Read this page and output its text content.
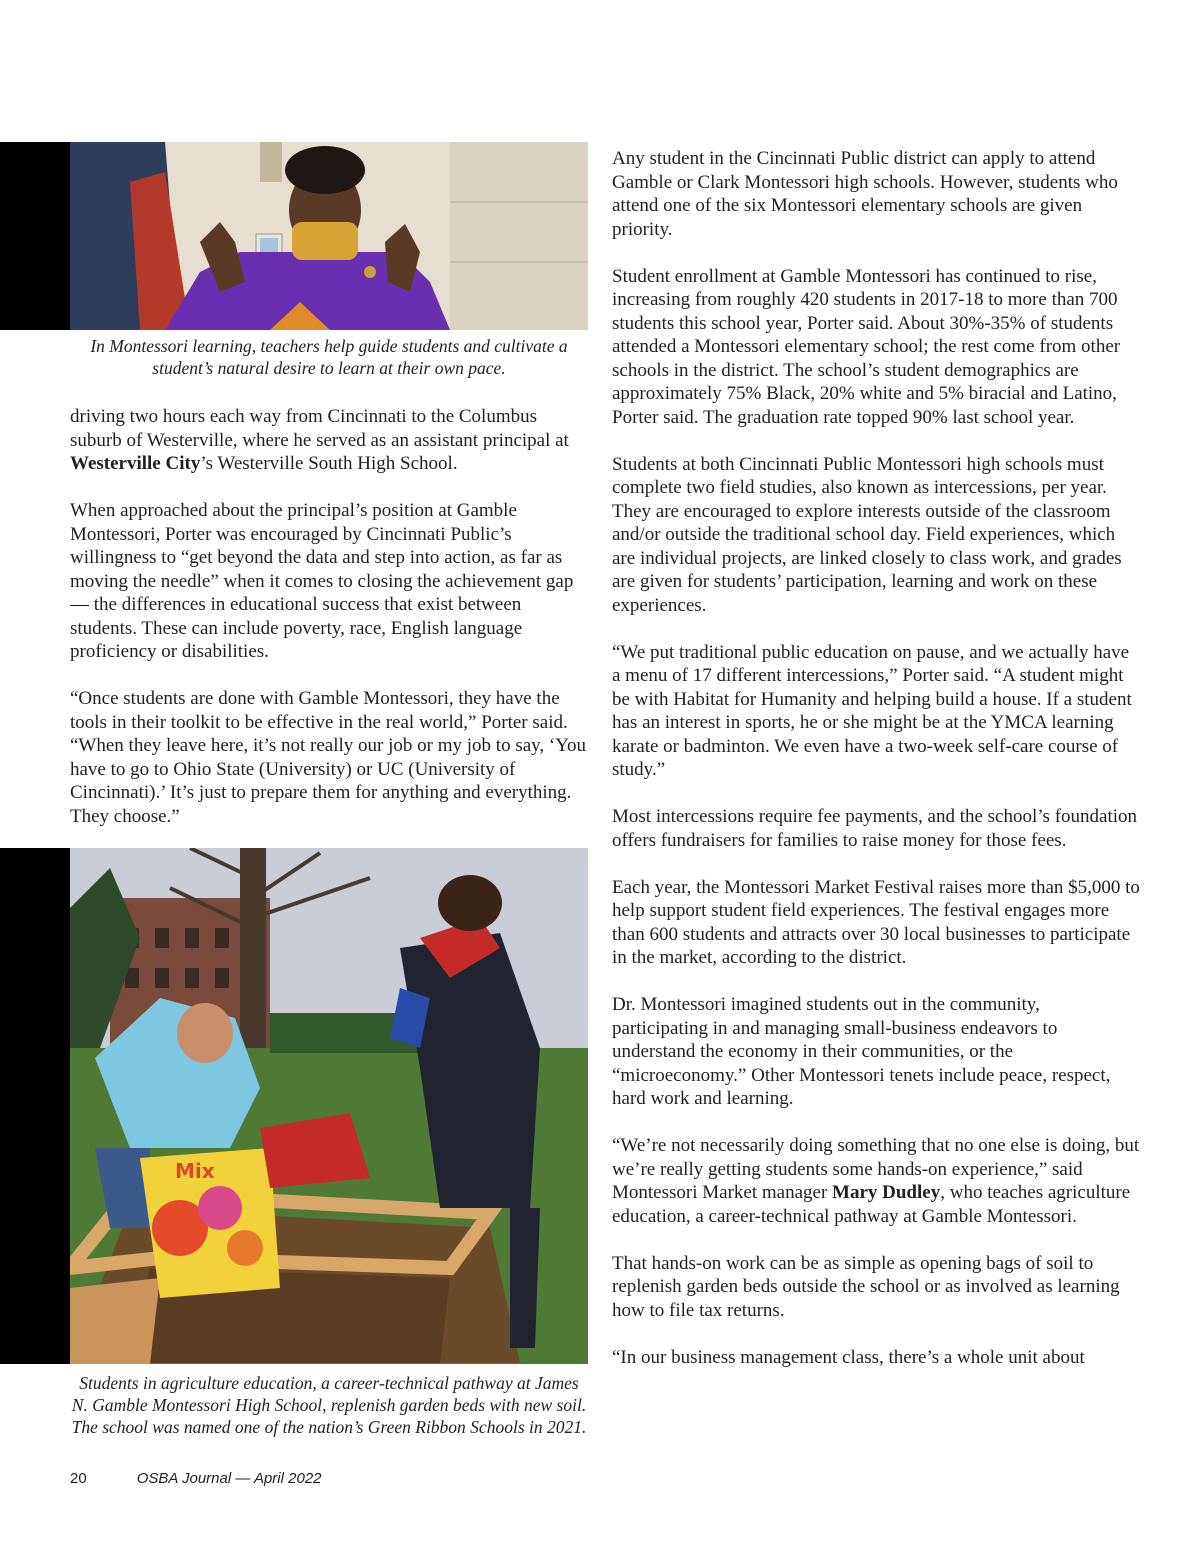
In Montessori learning, teachers help guide students and cultivate a student’s natural desire to learn at their own pace.

driving two hours each way from Cincinnati to the Columbus suburb of Westerville, where he served as an assistant principal at Westerville City’s Westerville South High School.

When approached about the principal’s position at Gamble Montessori, Porter was encouraged by Cincinnati Public’s willingness to “get beyond the data and step into action, as far as moving the needle” when it comes to closing the achievement gap — the differences in educational success that exist between students. These can include poverty, race, English language proficiency or disabilities.

“Once students are done with Gamble Montessori, they have the tools in their toolkit to be effective in the real world,” Porter said. “When they leave here, it’s not really our job or my job to say, ‘You have to go to Ohio State (University) or UC (University of Cincinnati).’ It’s just to prepare them for anything and everything. They choose.”

Mix
Students in agriculture education, a career-technical pathway at James N. Gamble Montessori High School, replenish garden beds with new soil. The school was named one of the nation’s Green Ribbon Schools in 2021.

Any student in the Cincinnati Public district can apply to attend Gamble or Clark Montessori high schools. However, students who attend one of the six Montessori elementary schools are given priority.

Student enrollment at Gamble Montessori has continued to rise, increasing from roughly 420 students in 2017-18 to more than 700 students this school year, Porter said. About 30%-35% of students attended a Montessori elementary school; the rest come from other schools in the district. The school’s student demographics are approximately 75% Black, 20% white and 5% biracial and Latino, Porter said. The graduation rate topped 90% last school year.

Students at both Cincinnati Public Montessori high schools must complete two field studies, also known as intercessions, per year. They are encouraged to explore interests outside of the classroom and/or outside the traditional school day. Field experiences, which are individual projects, are linked closely to class work, and grades are given for students’ participation, learning and work on these experiences.

“We put traditional public education on pause, and we actually have a menu of 17 different intercessions,” Porter said. “A student might be with Habitat for Humanity and helping build a house. If a student has an interest in sports, he or she might be at the YMCA learning karate or badminton. We even have a two-week self-care course of study.”

Most intercessions require fee payments, and the school’s foundation offers fundraisers for families to raise money for those fees.

Each year, the Montessori Market Festival raises more than $5,000 to help support student field experiences. The festival engages more than 600 students and attracts over 30 local businesses to participate in the market, according to the district.

Dr. Montessori imagined students out in the community, participating in and managing small-business endeavors to understand the economy in their communities, or the “microeconomy.” Other Montessori tenets include peace, respect, hard work and learning.

“We’re not necessarily doing something that no one else is doing, but we’re really getting students some hands-on experience,” said Montessori Market manager Mary Dudley, who teaches agriculture education, a career-technical pathway at Gamble Montessori.

That hands-on work can be as simple as opening bags of soil to replenish garden beds outside the school or as involved as learning how to file tax returns.

“In our business management class, there’s a whole unit about

20	OSBA Journal — April 2022
